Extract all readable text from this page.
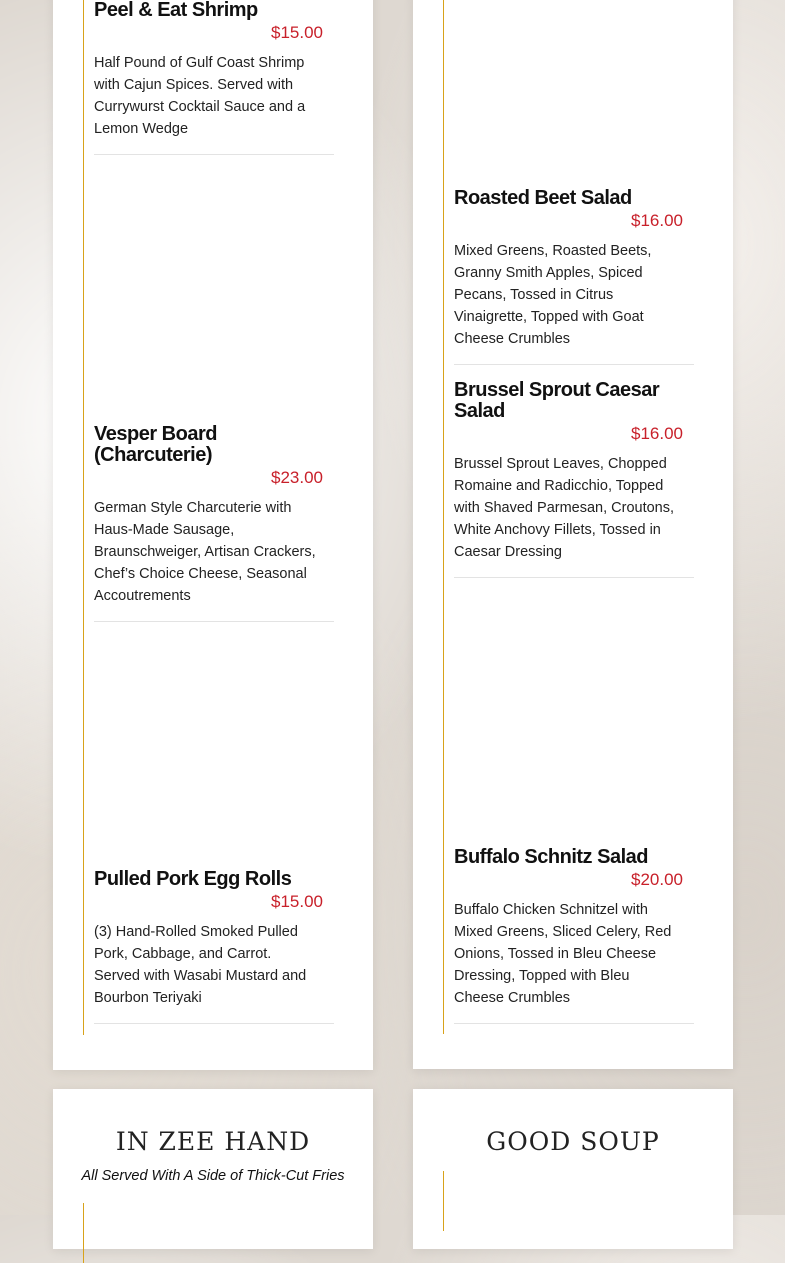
Peel & Eat Shrimp
$15.00
Half Pound of Gulf Coast Shrimp with Cajun Spices. Served with Currywurst Cocktail Sauce and a Lemon Wedge
Vesper Board (Charcuterie)
$23.00
German Style Charcuterie with Haus-Made Sausage, Braunschweiger, Artisan Crackers, Chef’s Choice Cheese, Seasonal Accoutrements
Pulled Pork Egg Rolls
$15.00
(3) Hand-Rolled Smoked Pulled Pork, Cabbage, and Carrot. Served with Wasabi Mustard and Bourbon Teriyaki
Roasted Beet Salad
$16.00
Mixed Greens, Roasted Beets, Granny Smith Apples, Spiced Pecans, Tossed in Citrus Vinaigrette, Topped with Goat Cheese Crumbles
Brussel Sprout Caesar Salad
$16.00
Brussel Sprout Leaves, Chopped Romaine and Radicchio, Topped with Shaved Parmesan, Croutons, White Anchovy Fillets, Tossed in Caesar Dressing
Buffalo Schnitz Salad
$20.00
Buffalo Chicken Schnitzel with Mixed Greens, Sliced Celery, Red Onions, Tossed in Bleu Cheese Dressing, Topped with Bleu Cheese Crumbles
IN ZEE HAND
All Served With A Side of Thick-Cut Fries
GOOD SOUP
